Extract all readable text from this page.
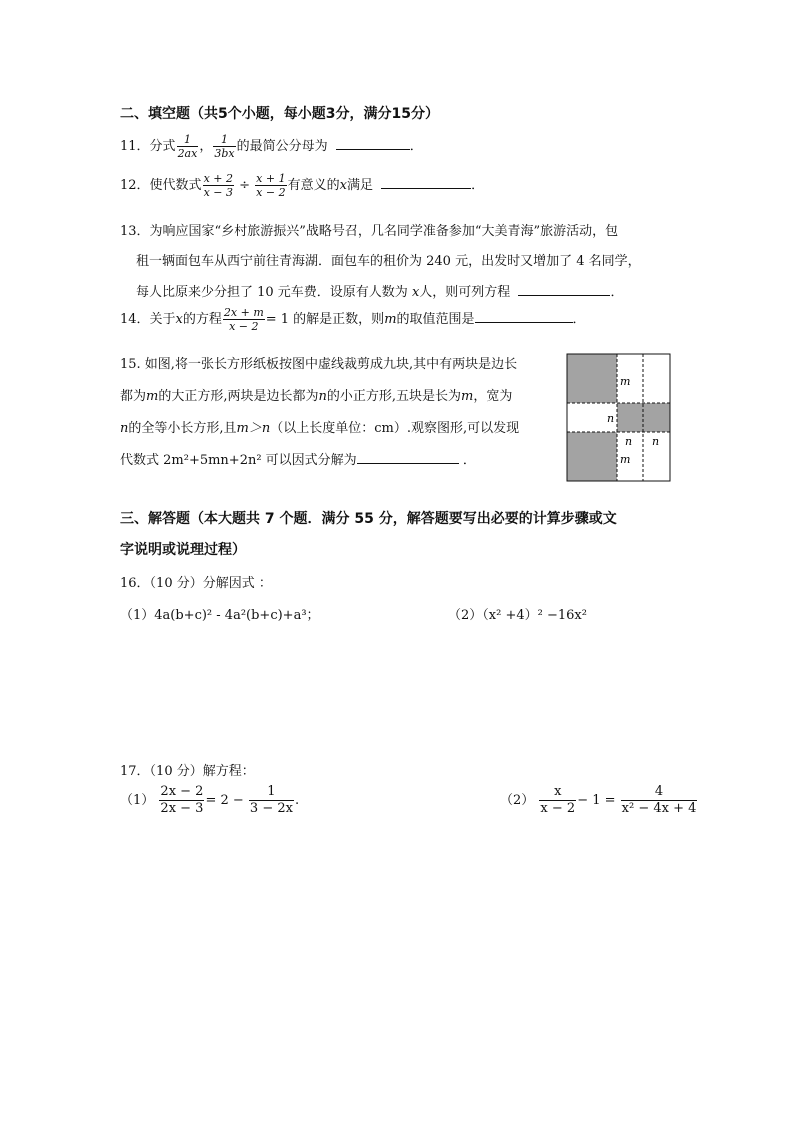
二、填空题（共5个小题，每小题3分，满分15分）
11．分式 $\frac{1}{2ax}$ ， $\frac{1}{3bx}$ 的最简公分母为	．
12．使代数式 $\frac{x + 2}{x - 3} \div \frac{x + 1}{x - 2}$ 有意义的x满足	．
13．为响应国家“乡村旅游振兴”战略号召，几名同学准备参加“大美青海”旅游活动，包
租一辆面包车从西宁前往青海湖．面包车的租价为 240 元，出发时又增加了 4 名同学，
每人比原来少分担了 10 元车费．设原有人数为 x人，则可列方程	．
14．关于x的方程 $\frac{2x + m}{x - 2} = 1$ 的解是正数，则m的取值范围是	．
15. 如图,将一张长方形纸板按图中虚线裁剪成九块,其中有两块是边长
都为m的大正方形,两块是边长都为n的小正方形,五块是长为m，宽为
n的全等小长方形,且m＞n（以上长度单位：cm）.观察图形,可以发现
代数式 2m²+5mn+2n² 可以因式分解为	．
m
n
n n
m
三、解答题（本大题共 7 个题．满分 55 分，解答题要写出必要的计算步骤或文
字说明或说理过程）
16．（10 分）分解因式 ：
（1）4a(b+c)² - 4a²(b+c)+a³；	（2）（x² +4）² −16x²
17．（10 分）解方程：
$(1) \frac{2x - 2}{2x - 3} = 2 - \frac{1}{3 - 2x}$ .	$(2) \frac{x}{x - 2} - 1 = \frac{4}{\text{x² − 4x + 4}}$
